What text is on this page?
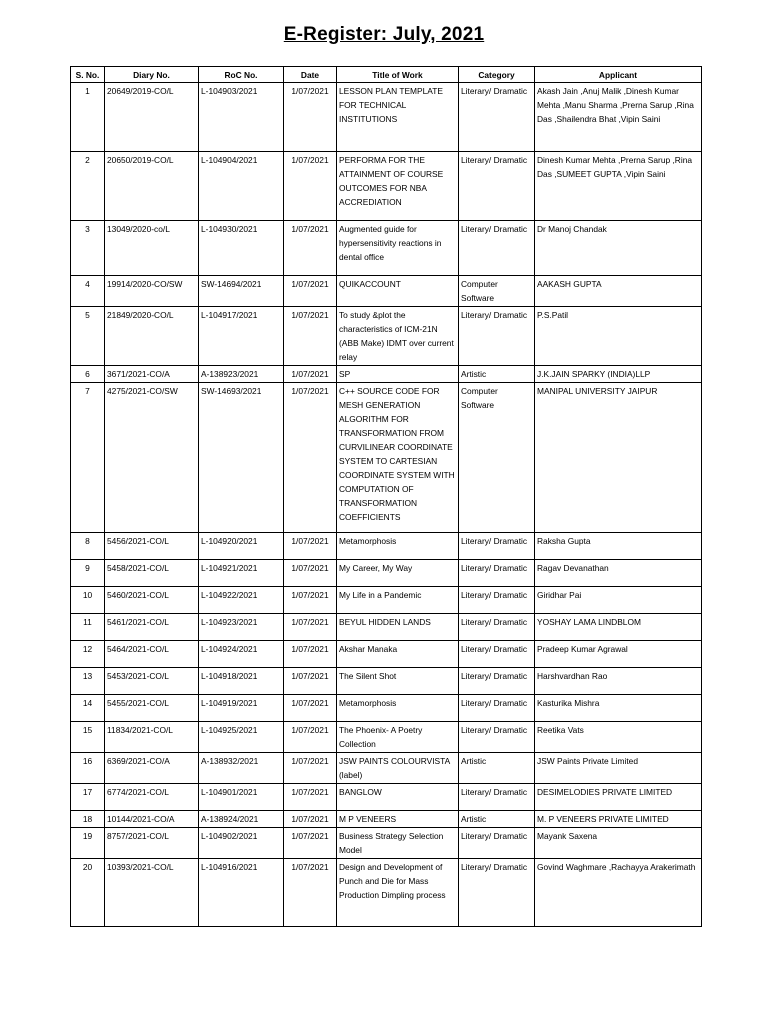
E-Register: July, 2021
S. No.	Diary No.	RoC No.	Date	Title of Work	Category	Applicant
1	20649/2019-CO/L	L-104903/2021	1/07/2021	LESSON PLAN TEMPLATE FOR TECHNICAL INSTITUTIONS	Literary/ Dramatic	Akash Jain ,Anuj Malik ,Dinesh Kumar Mehta ,Manu Sharma ,Prerna Sarup ,Rina Das ,Shailendra Bhat ,Vipin Saini
2	20650/2019-CO/L	L-104904/2021	1/07/2021	PERFORMA FOR THE ATTAINMENT OF COURSE OUTCOMES FOR NBA ACCREDIATION	Literary/ Dramatic	Dinesh Kumar Mehta ,Prerna Sarup ,Rina Das ,SUMEET GUPTA ,Vipin Saini
3	13049/2020-co/L	L-104930/2021	1/07/2021	Augmented guide for hypersensitivity reactions in dental office	Literary/ Dramatic	Dr Manoj Chandak
4	19914/2020-CO/SW	SW-14694/2021	1/07/2021	QUIKACCOUNT	Computer Software	AAKASH GUPTA
5	21849/2020-CO/L	L-104917/2021	1/07/2021	To study &plot the characteristics of ICM-21N (ABB Make) IDMT over current relay	Literary/ Dramatic	P.S.Patil
6	3671/2021-CO/A	A-138923/2021	1/07/2021	SP	Artistic	J.K.JAIN SPARKY (INDIA)LLP
7	4275/2021-CO/SW	SW-14693/2021	1/07/2021	C++ SOURCE CODE FOR MESH GENERATION ALGORITHM FOR TRANSFORMATION FROM CURVILINEAR COORDINATE SYSTEM TO CARTESIAN COORDINATE SYSTEM WITH COMPUTATION OF TRANSFORMATION COEFFICIENTS	Computer Software	MANIPAL UNIVERSITY JAIPUR
8	5456/2021-CO/L	L-104920/2021	1/07/2021	Metamorphosis	Literary/ Dramatic	Raksha Gupta
9	5458/2021-CO/L	L-104921/2021	1/07/2021	My Career, My Way	Literary/ Dramatic	Ragav Devanathan
10	5460/2021-CO/L	L-104922/2021	1/07/2021	My Life in a Pandemic	Literary/ Dramatic	Giridhar Pai
11	5461/2021-CO/L	L-104923/2021	1/07/2021	BEYUL HIDDEN LANDS	Literary/ Dramatic	YOSHAY LAMA LINDBLOM
12	5464/2021-CO/L	L-104924/2021	1/07/2021	Akshar Manaka	Literary/ Dramatic	Pradeep Kumar Agrawal
13	5453/2021-CO/L	L-104918/2021	1/07/2021	The Silent Shot	Literary/ Dramatic	Harshvardhan Rao
14	5455/2021-CO/L	L-104919/2021	1/07/2021	Metamorphosis	Literary/ Dramatic	Kasturika Mishra
15	11834/2021-CO/L	L-104925/2021	1/07/2021	The Phoenix- A Poetry Collection	Literary/ Dramatic	Reetika Vats
16	6369/2021-CO/A	A-138932/2021	1/07/2021	JSW PAINTS COLOURVISTA (label)	Artistic	JSW Paints Private Limited
17	6774/2021-CO/L	L-104901/2021	1/07/2021	BANGLOW	Literary/ Dramatic	DESIMELODIES PRIVATE LIMITED
18	10144/2021-CO/A	A-138924/2021	1/07/2021	M P VENEERS	Artistic	M. P VENEERS PRIVATE LIMITED
19	8757/2021-CO/L	L-104902/2021	1/07/2021	Business Strategy Selection Model	Literary/ Dramatic	Mayank Saxena
20	10393/2021-CO/L	L-104916/2021	1/07/2021	Design and Development of Punch and Die for Mass Production Dimpling process	Literary/ Dramatic	Govind Waghmare ,Rachayya Arakerimath
